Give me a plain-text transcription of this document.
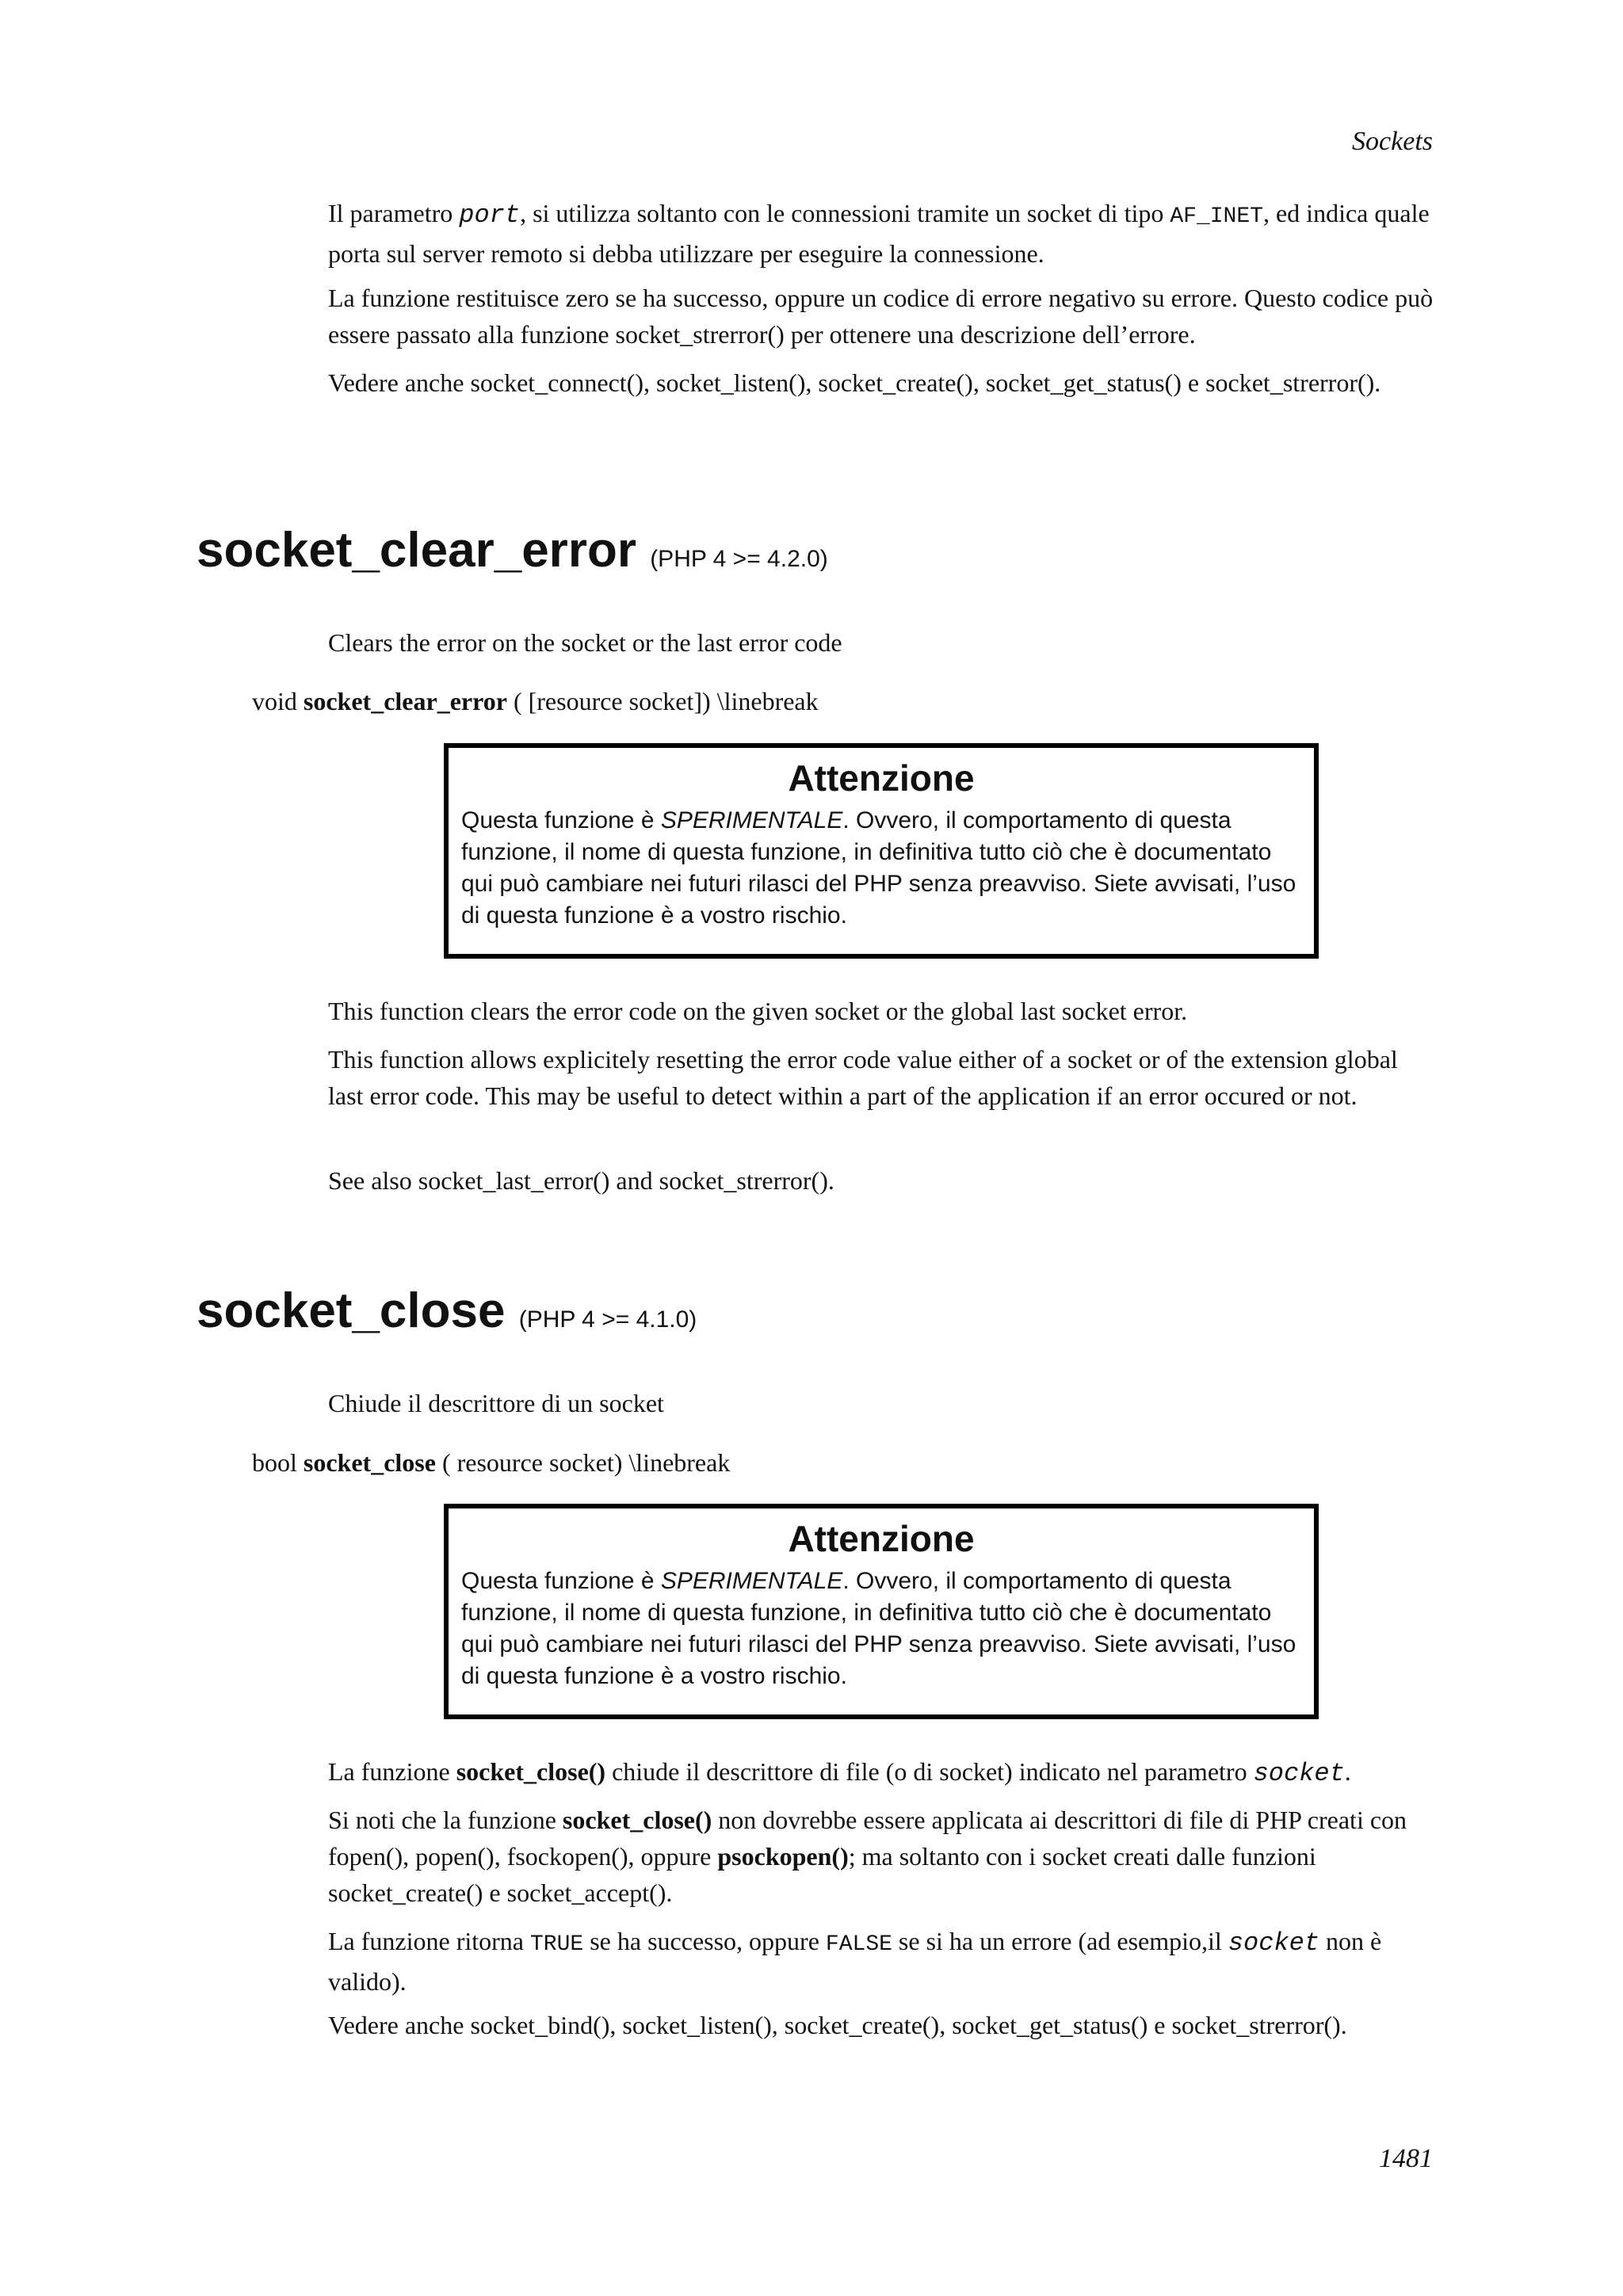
Sockets

Il parametro port, si utilizza soltanto con le connessioni tramite un socket di tipo AF_INET, ed indica quale porta sul server remoto si debba utilizzare per eseguire la connessione.

La funzione restituisce zero se ha successo, oppure un codice di errore negativo su errore. Questo codice può essere passato alla funzione socket_strerror() per ottenere una descrizione dell’errore.

Vedere anche socket_connect(), socket_listen(), socket_create(), socket_get_status() e socket_strerror().

socket_clear_error (PHP 4 >= 4.2.0)

Clears the error on the socket or the last error code

void socket_clear_error ( [resource socket]) \linebreak
Attenzione
Questa funzione è SPERIMENTALE. Ovvero, il comportamento di questa funzione, il nome di questa funzione, in definitiva tutto ciò che è documentato qui può cambiare nei futuri rilasci del PHP senza preavviso. Siete avvisati, l’uso di questa funzione è a vostro rischio.

This function clears the error code on the given socket or the global last socket error.

This function allows explicitely resetting the error code value either of a socket or of the extension global last error code. This may be useful to detect within a part of the application if an error occured or not.

See also socket_last_error() and socket_strerror().

socket_close (PHP 4 >= 4.1.0)

Chiude il descrittore di un socket

bool socket_close ( resource socket) \linebreak
Attenzione
Questa funzione è SPERIMENTALE. Ovvero, il comportamento di questa funzione, il nome di questa funzione, in definitiva tutto ciò che è documentato qui può cambiare nei futuri rilasci del PHP senza preavviso. Siete avvisati, l’uso di questa funzione è a vostro rischio.

La funzione socket_close() chiude il descrittore di file (o di socket) indicato nel parametro socket.

Si noti che la funzione socket_close() non dovrebbe essere applicata ai descrittori di file di PHP creati con fopen(), popen(), fsockopen(), oppure psockopen(); ma soltanto con i socket creati dalle funzioni socket_create() e socket_accept().

La funzione ritorna TRUE se ha successo, oppure FALSE se si ha un errore (ad esempio,il socket non è valido).

Vedere anche socket_bind(), socket_listen(), socket_create(), socket_get_status() e socket_strerror().

1481
